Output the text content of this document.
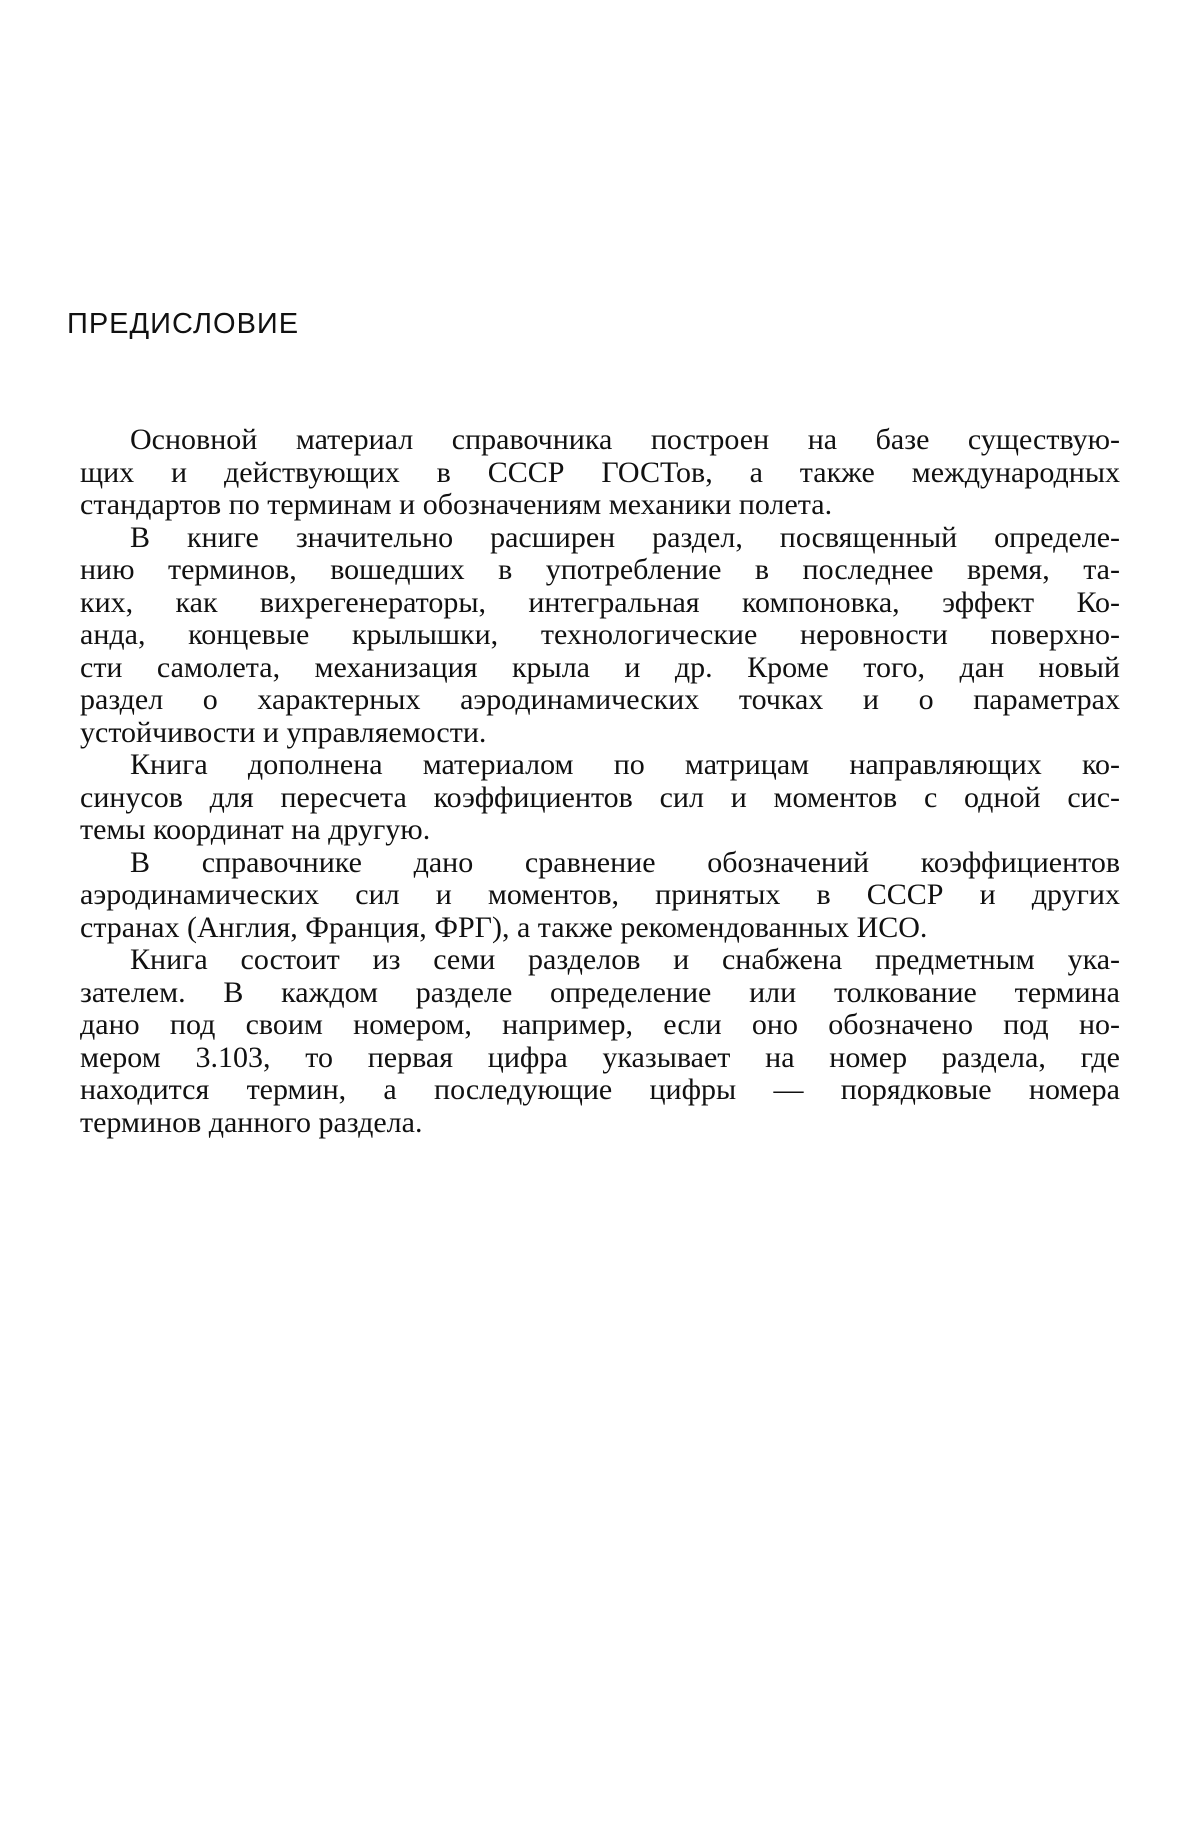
ПРЕДИСЛОВИЕ
Основной материал справочника построен на базе существую-
щих и действующих в СССР ГОСТов, а также международных
стандартов по терминам и обозначениям механики полета.
В книге значительно расширен раздел, посвященный определе-
нию терминов, вошедших в употребление в последнее время, та-
ких, как вихрегенераторы, интегральная компоновка, эффект Ко-
анда, концевые крылышки, технологические неровности поверхно-
сти самолета, механизация крыла и др. Кроме того, дан новый
раздел о характерных аэродинамических точках и о параметрах
устойчивости и управляемости.
Книга дополнена материалом по матрицам направляющих ко-
синусов для пересчета коэффициентов сил и моментов с одной сис-
темы координат на другую.
В справочнике дано сравнение обозначений коэффициентов
аэродинамических сил и моментов, принятых в СССР и других
странах (Англия, Франция, ФРГ), а также рекомендованных ИСО.
Книга состоит из семи разделов и снабжена предметным ука-
зателем. В каждом разделе определение или толкование термина
дано под своим номером, например, если оно обозначено под но-
мером 3.103, то первая цифра указывает на номер раздела, где
находится термин, а последующие цифры — порядковые номера
терминов данного раздела.
